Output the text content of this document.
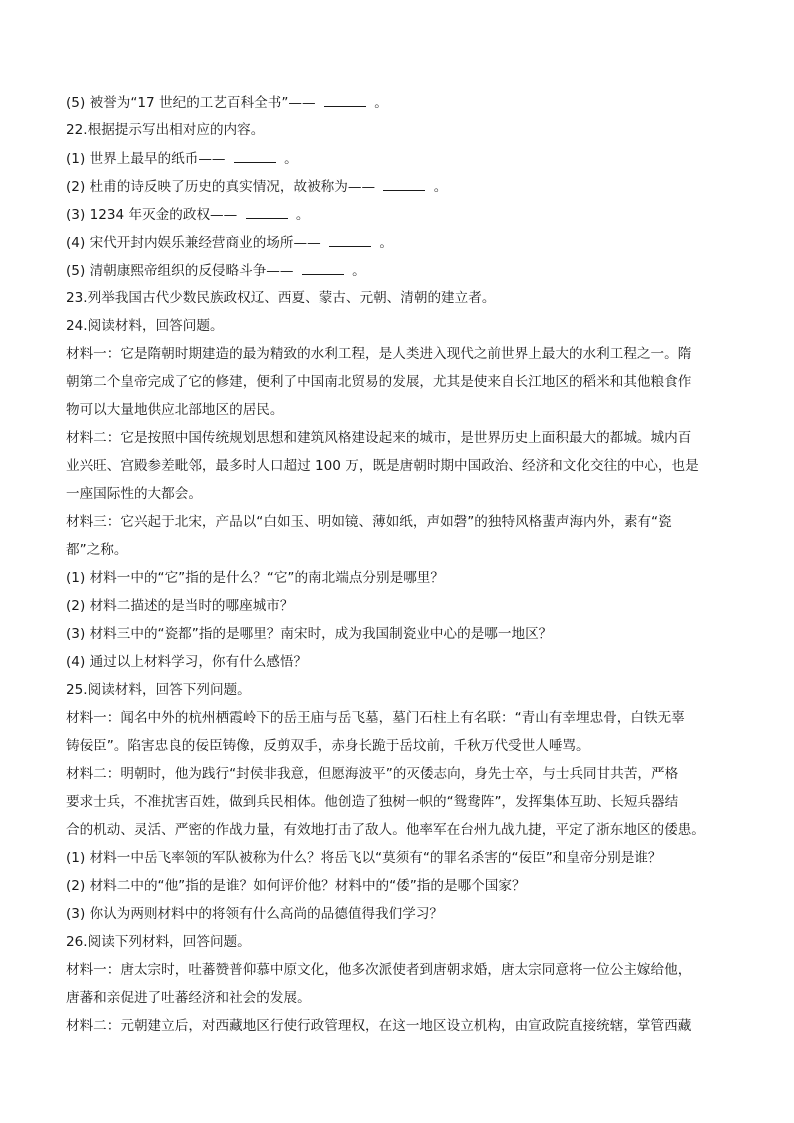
(5) 被誉为“17 世纪的工艺百科全书”——	。
22.根据提示写出相对应的内容。
(1) 世界上最早的纸币——	。
(2) 杜甫的诗反映了历史的真实情况，故被称为——	。
(3) 1234 年灭金的政权——	。
(4) 宋代开封内娱乐兼经营商业的场所——	。
(5) 清朝康熙帝组织的反侵略斗争——	。
23.列举我国古代少数民族政权辽、西夏、蒙古、元朝、清朝的建立者。
24.阅读材料，回答问题。
材料一：它是隋朝时期建造的最为精致的水利工程，是人类进入现代之前世界上最大的水利工程之一。隋
朝第二个皇帝完成了它的修建，便利了中国南北贸易的发展，尤其是使来自长江地区的稻米和其他粮食作
物可以大量地供应北部地区的居民。
材料二：它是按照中国传统规划思想和建筑风格建设起来的城市，是世界历史上面积最大的都城。城内百
业兴旺、宫殿参差毗邻，最多时人口超过 100 万，既是唐朝时期中国政治、经济和文化交往的中心，也是
一座国际性的大都会。
材料三：它兴起于北宋，产品以“白如玉、明如镜、薄如纸，声如磬”的独特风格蜚声海内外，素有“瓷
都”之称。
(1) 材料一中的“它”指的是什么？“它”的南北端点分别是哪里？
(2) 材料二描述的是当时的哪座城市？
(3) 材料三中的“瓷都”指的是哪里？南宋时，成为我国制瓷业中心的是哪一地区？
(4) 通过以上材料学习，你有什么感悟？
25.阅读材料，回答下列问题。
材料一：闻名中外的杭州栖霞岭下的岳王庙与岳飞墓，墓门石柱上有名联：“青山有幸埋忠骨，白铁无辜
铸佞臣”。陷害忠良的佞臣铸像，反剪双手，赤身长跪于岳坟前，千秋万代受世人唾骂。
材料二：明朝时，他为践行“封侯非我意，但愿海波平”的灭倭志向，身先士卒，与士兵同甘共苦，严格
要求士兵，不准扰害百姓，做到兵民相体。他创造了独树一帜的“鸳鸯阵”，发挥集体互助、长短兵器结
合的机动、灵活、严密的作战力量，有效地打击了敌人。他率军在台州九战九捷，平定了浙东地区的倭患。
(1) 材料一中岳飞率领的军队被称为什么？将岳飞以“莫须有“的罪名杀害的“佞臣”和皇帝分别是谁？
(2) 材料二中的“他”指的是谁？如何评价他？材料中的“倭”指的是哪个国家？
(3) 你认为两则材料中的将领有什么高尚的品德值得我们学习？
26.阅读下列材料，回答问题。
材料一：唐太宗时，吐蕃赞普仰慕中原文化，他多次派使者到唐朝求婚，唐太宗同意将一位公主嫁给他，
唐蕃和亲促进了吐蕃经济和社会的发展。
材料二：元朝建立后，对西藏地区行使行政管理权，在这一地区设立机构，由宣政院直接统辖，掌管西藏
